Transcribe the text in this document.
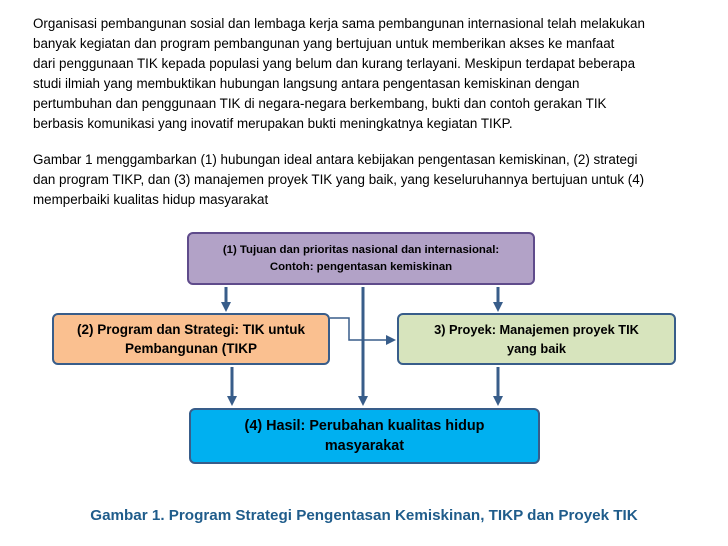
Organisasi pembangunan sosial dan lembaga kerja sama pembangunan internasional telah melakukan
banyak kegiatan dan program pembangunan yang bertujuan untuk memberikan akses ke manfaat
dari penggunaan TIK kepada populasi yang belum dan kurang terlayani. Meskipun terdapat beberapa
studi ilmiah yang membuktikan hubungan langsung antara pengentasan kemiskinan dengan
pertumbuhan dan penggunaan TIK di negara-negara berkembang, bukti dan contoh gerakan TIK
berbasis komunikasi yang inovatif merupakan bukti meningkatnya kegiatan TIKP.
Gambar 1 menggambarkan (1) hubungan ideal antara kebijakan pengentasan kemiskinan, (2) strategi
dan program TIKP, dan (3) manajemen proyek TIK yang baik, yang keseluruhannya bertujuan untuk (4)
memperbaiki kualitas hidup masyarakat
(1) Tujuan dan prioritas nasional dan internasional:
Contoh: pengentasan kemiskinan
(2) Program dan Strategi: TIK untuk
Pembangunan (TIKP
3) Proyek: Manajemen proyek TIK
yang baik
(4) Hasil: Perubahan kualitas hidup
masyarakat

Gambar 1. Program Strategi Pengentasan Kemiskinan, TIKP dan Proyek TIK
